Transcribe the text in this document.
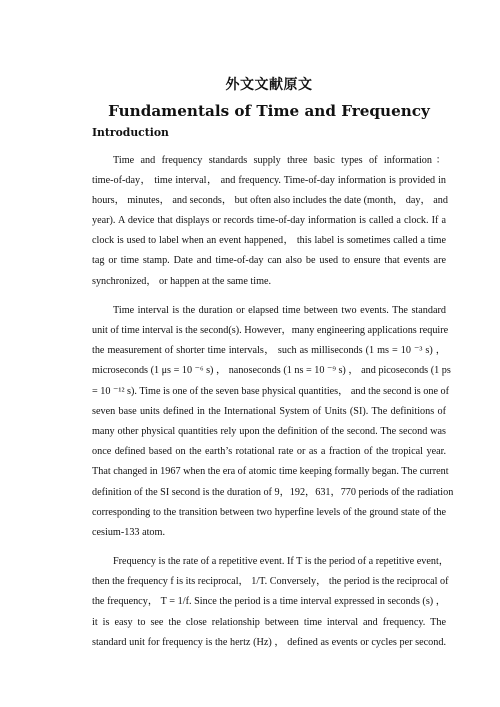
外文文献原文
Fundamentals of Time and Frequency
Introduction

Time and frequency standards supply three basic types of information：
time-of-day， time interval， and frequency. Time-of-day information is provided in
hours， minutes， and seconds， but often also includes the date (month， day， and
year). A device that displays or records time-of-day information is called a clock. If a
clock is used to label when an event happened， this label is sometimes called a time
tag or time stamp. Date and time-of-day can also be used to ensure that events are
synchronized， or happen at the same time.

Time interval is the duration or elapsed time between two events. The standard
unit of time interval is the second(s). However，many engineering applications require
the measurement of shorter time intervals， such as milliseconds (1 ms = 10 ⁻³ s) ，
microseconds (1 μs = 10 ⁻⁶ s) ， nanoseconds (1 ns = 10 ⁻⁹ s) ， and picoseconds (1 ps
= 10 ⁻¹² s). Time is one of the seven base physical quantities， and the second is one of
seven base units defined in the International System of Units (SI). The definitions of
many other physical quantities rely upon the definition of the second. The second was
once defined based on the earth’s rotational rate or as a fraction of the tropical year.
That changed in 1967 when the era of atomic time keeping formally began. The current
definition of the SI second is the duration of 9，192，631，770 periods of the radiation
corresponding to the transition between two hyperfine levels of the ground state of the
cesium-133 atom.

Frequency is the rate of a repetitive event. If T is the period of a repetitive event，
then the frequency f is its reciprocal， 1/T. Conversely， the period is the reciprocal of
the frequency， T = 1/f. Since the period is a time interval expressed in seconds (s) ，
it is easy to see the close relationship between time interval and frequency. The
standard unit for frequency is the hertz (Hz) ， defined as events or cycles per second.
